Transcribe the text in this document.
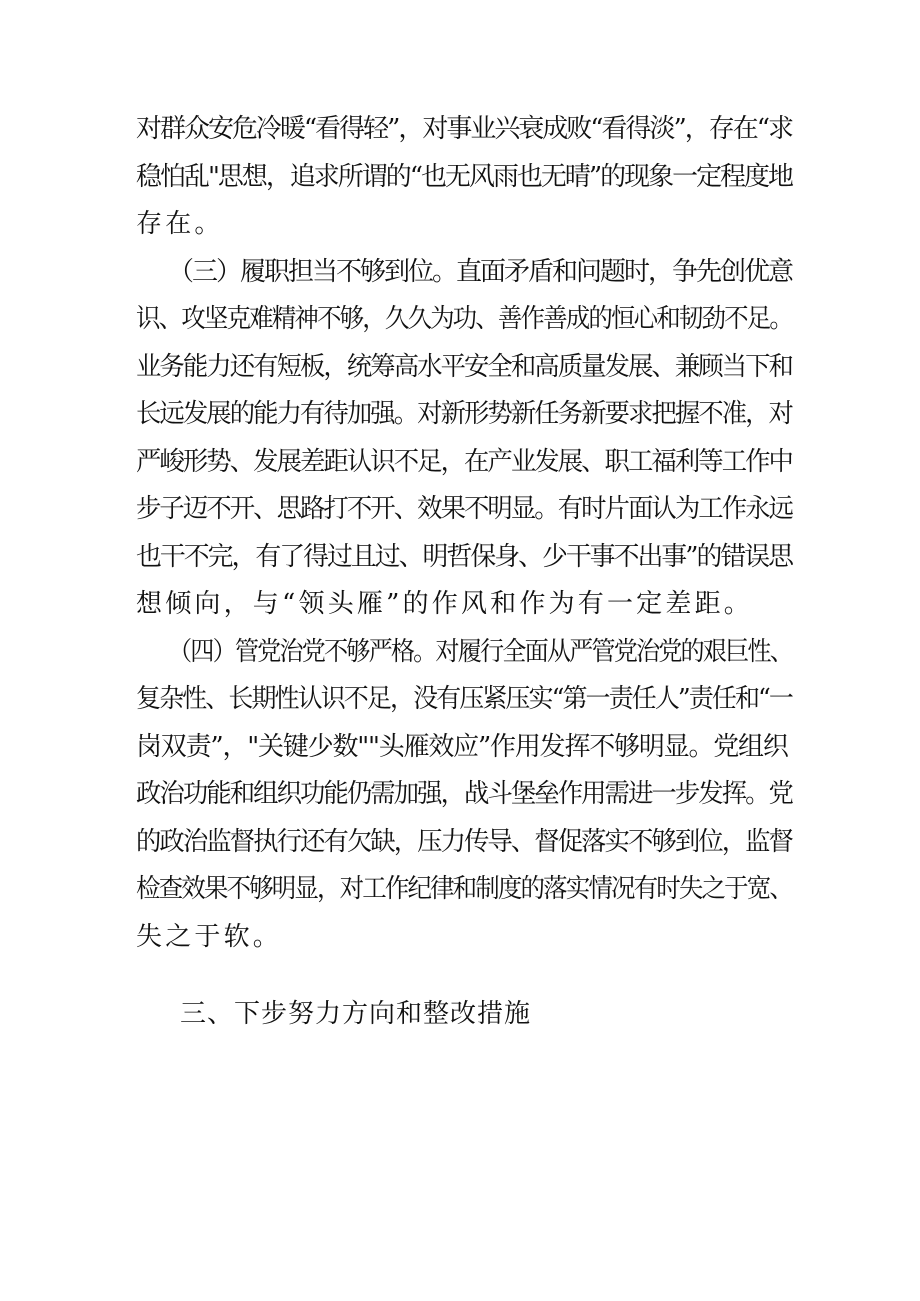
对群众安危冷暖“看得轻”，对事业兴衰成败“看得淡”，存在“求
稳怕乱"思想，追求所谓的“也无风雨也无晴”的现象一定程度地
存在。
（三）履职担当不够到位。直面矛盾和问题时，争先创优意
识、攻坚克难精神不够，久久为功、善作善成的恒心和韧劲不足。
业务能力还有短板，统筹高水平安全和高质量发展、兼顾当下和
长远发展的能力有待加强。对新形势新任务新要求把握不准，对
严峻形势、发展差距认识不足，在产业发展、职工福利等工作中
步子迈不开、思路打不开、效果不明显。有时片面认为工作永远
也干不完，有了得过且过、明哲保身、少干事不出事”的错误思
想倾向，与“领头雁”的作风和作为有一定差距。
（四）管党治党不够严格。对履行全面从严管党治党的艰巨性、
复杂性、长期性认识不足，没有压紧压实“第一责任人”责任和“一
岗双责”，"关键少数""头雁效应”作用发挥不够明显。党组织
政治功能和组织功能仍需加强，战斗堡垒作用需进一步发挥。党
的政治监督执行还有欠缺，压力传导、督促落实不够到位，监督
检查效果不够明显，对工作纪律和制度的落实情况有时失之于宽、
失之于软。
三、下步努力方向和整改措施
